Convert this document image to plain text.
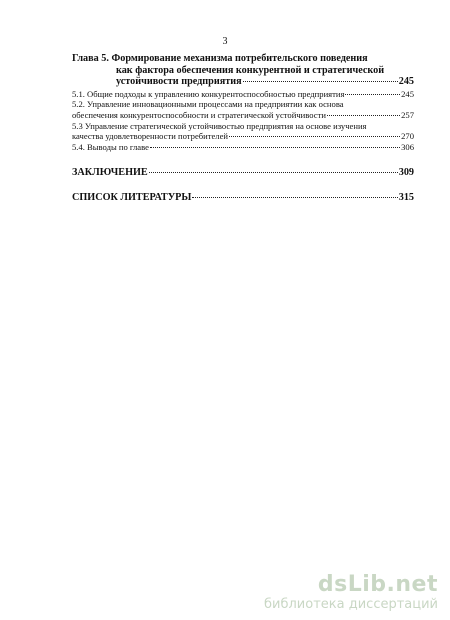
3
Глава 5. Формирование механизма потребительского поведения
как фактора обеспечения конкурентной и стратегической
устойчивости предприятия	245
5.1. Общие подходы к управлению конкурентоспособностью предприятия	245
5.2. Управление инновационными процессами на предприятии как основа
обеспечения конкурентоспособности и стратегической устойчивости	257
5.3 Управление стратегической устойчивостью предприятия на основе изучения
качества удовлетворенности потребителей	270
5.4. Выводы по главе	306
ЗАКЛЮЧЕНИЕ	309
СПИСОК ЛИТЕРАТУРЫ	315
dsLib.net
библиотека диссертаций
